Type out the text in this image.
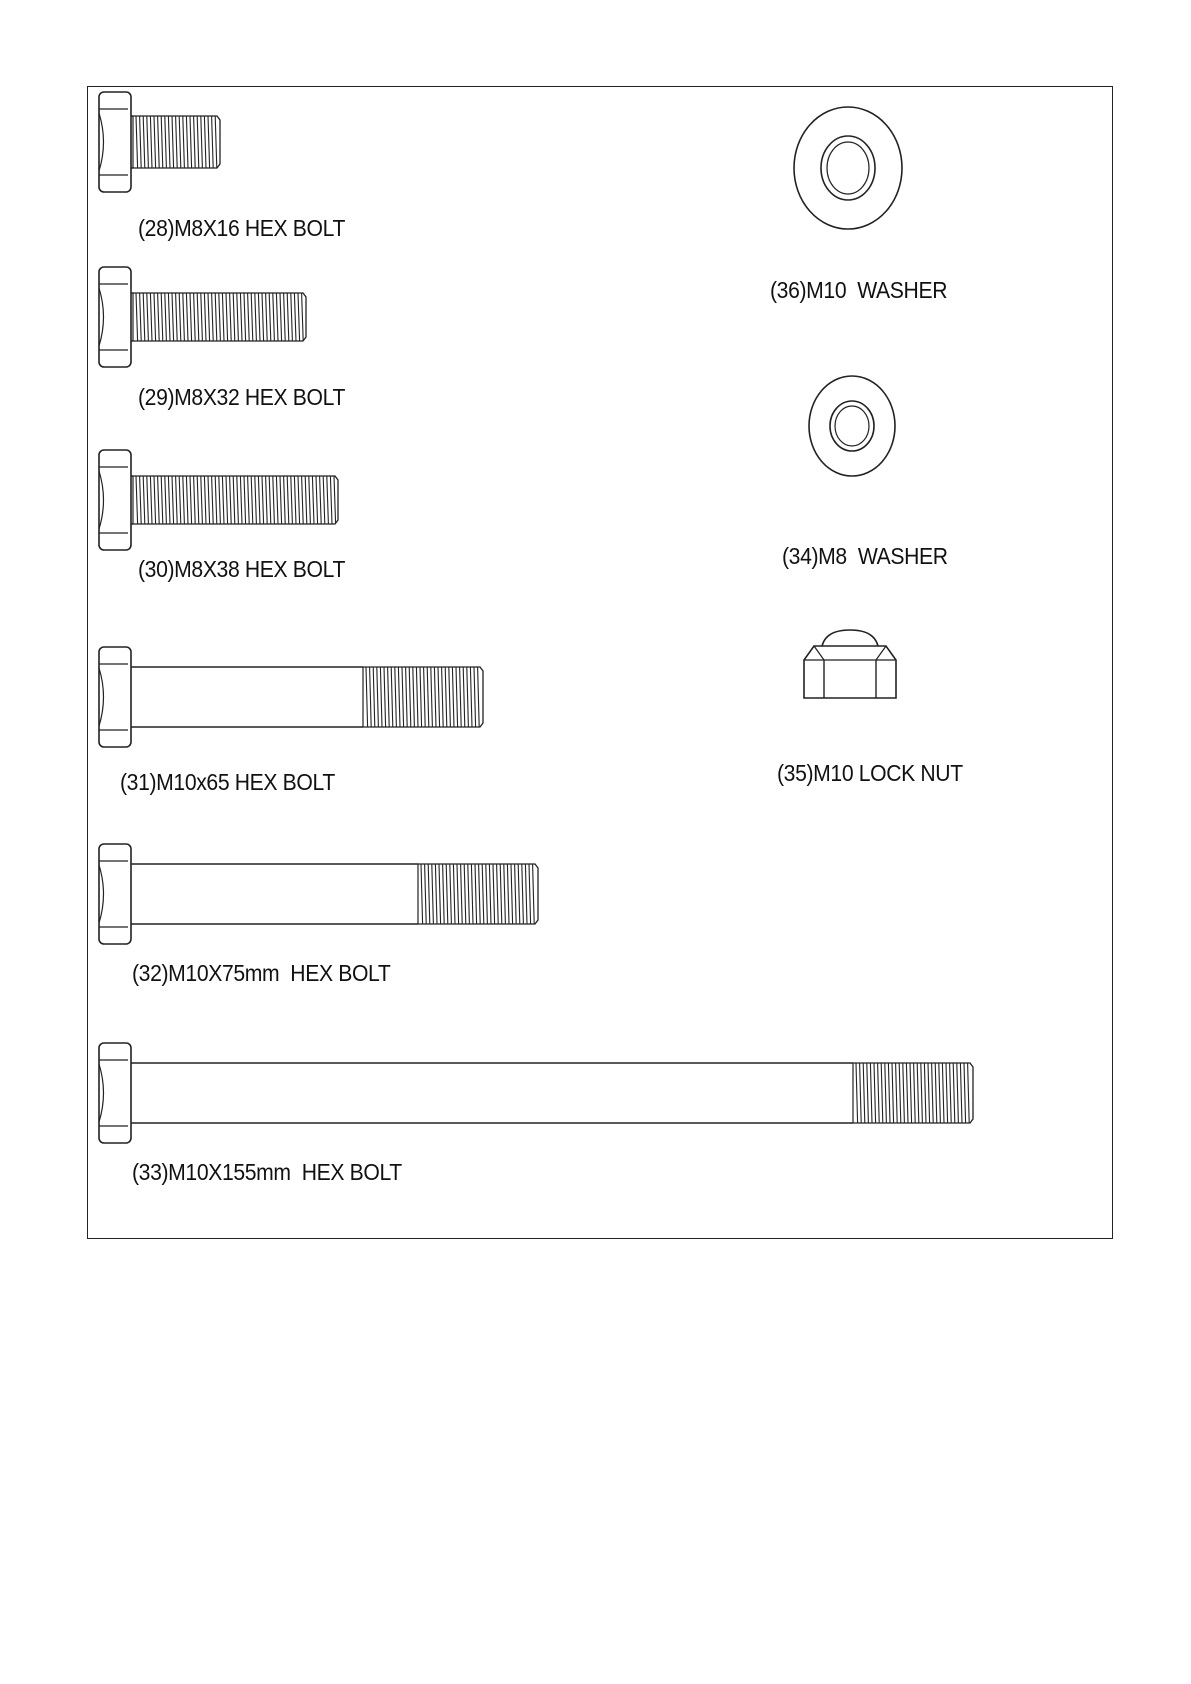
(28)M8X16 HEX BOLT
(29)M8X32 HEX BOLT
(30)M8X38 HEX BOLT
(31)M10x65 HEX BOLT
(32)M10X75mm  HEX BOLT
(33)M10X155mm  HEX BOLT
(36)M10  WASHER
(34)M8  WASHER
(35)M10 LOCK NUT
